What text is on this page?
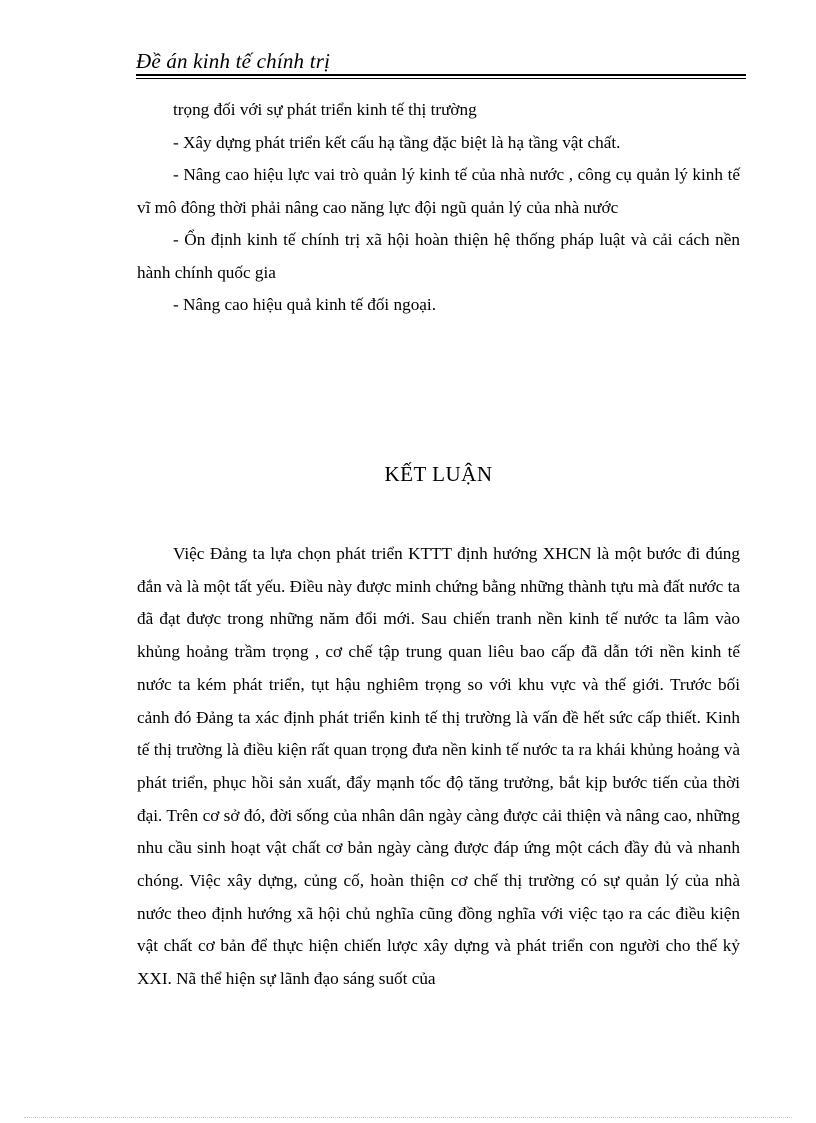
Đề án kinh tế chính trị

trọng đối với sự phát triển kinh tế thị trường

- Xây dựng phát triển kết cấu hạ tầng đặc biệt là hạ tầng vật chất.

- Nâng cao hiệu lực vai trò quản lý kinh tế của nhà nước , công cụ quản lý kinh tế vĩ mô đông thời phải nâng cao năng lực đội ngũ quản lý của nhà nước

- Ổn định kinh tế chính trị xã hội hoàn thiện hệ thống pháp luật và cải cách nền hành chính quốc gia

- Nâng cao hiệu quả kinh tế đối ngoại.

KẾT LUẬN

Việc Đảng ta lựa chọn phát triển KTTT định hướng XHCN là một bước đi đúng đắn và là một tất yếu. Điều này được minh chứng bằng những thành tựu mà đất nước ta đã đạt được trong những năm đổi mới. Sau chiến tranh nền kinh tế nước ta lâm vào khủng hoảng trầm trọng , cơ chế tập trung quan liêu bao cấp đã dẫn tới nền kinh tế nước ta kém phát triển, tụt hậu nghiêm trọng so với khu vực và thế giới. Trước bối cảnh đó Đảng ta xác định phát triển kinh tế thị trường là vấn đề hết sức cấp thiết. Kinh tế thị trường là điều kiện rất quan trọng đưa nền kinh tế nước ta ra khái khủng hoảng và phát triển, phục hồi sản xuất, đẩy mạnh tốc độ tăng trưởng, bắt kịp bước tiến của thời đại. Trên cơ sở đó, đời sống của nhân dân ngày càng được cải thiện và nâng cao, những nhu cầu sinh hoạt vật chất cơ bản ngày càng được đáp ứng một cách đầy đủ và nhanh chóng. Việc xây dựng, củng cố, hoàn thiện cơ chế thị trường có sự quản lý của nhà nước theo định hướng xã hội chủ nghĩa cũng đồng nghĩa với việc tạo ra các điều kiện vật chất cơ bản để thực hiện chiến lược xây dựng và phát triển con người cho thế kỷ XXI. Nã thể hiện sự lãnh đạo sáng suốt của
